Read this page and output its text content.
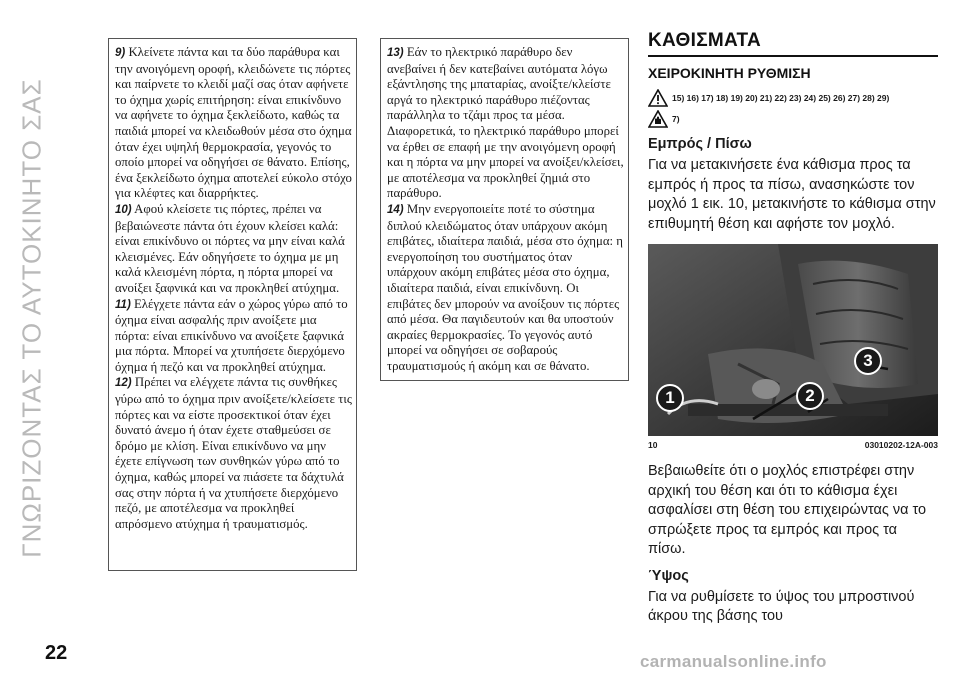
ΓΝΩΡΙΖΟΝΤΑΣ ΤΟ ΑΥΤΟΚΙΝΗΤΟ ΣΑΣ

9) Κλείνετε πάντα και τα δύο παράθυρα και την ανοιγόμενη οροφή, κλειδώνετε τις πόρτες και παίρνετε το κλειδί μαζί σας όταν αφήνετε το όχημα χωρίς επιτήρηση: είναι επικίνδυνο να αφήνετε το όχημα ξεκλείδωτο, καθώς τα παιδιά μπορεί να κλειδωθούν μέσα στο όχημα όταν έχει υψηλή θερμοκρασία, γεγονός το οποίο μπορεί να οδηγήσει σε θάνατο. Επίσης, ένα ξεκλείδωτο όχημα αποτελεί εύκολο στόχο για κλέφτες και διαρρήκτες.

10) Αφού κλείσετε τις πόρτες, πρέπει να βεβαιώνεστε πάντα ότι έχουν κλείσει καλά: είναι επικίνδυνο οι πόρτες να μην είναι καλά κλεισμένες. Εάν οδηγήσετε το όχημα με μη καλά κλεισμένη πόρτα, η πόρτα μπορεί να ανοίξει ξαφνικά και να προκληθεί ατύχημα.

11) Ελέγχετε πάντα εάν ο χώρος γύρω από το όχημα είναι ασφαλής πριν ανοίξετε μια πόρτα: είναι επικίνδυνο να ανοίξετε ξαφνικά μια πόρτα. Μπορεί να χτυπήσετε διερχόμενο όχημα ή πεζό και να προκληθεί ατύχημα.

12) Πρέπει να ελέγχετε πάντα τις συνθήκες γύρω από το όχημα πριν ανοίξετε/κλείσετε τις πόρτες και να είστε προσεκτικοί όταν έχει δυνατό άνεμο ή όταν έχετε σταθμεύσει σε δρόμο με κλίση. Είναι επικίνδυνο να μην έχετε επίγνωση των συνθηκών γύρω από το όχημα, καθώς μπορεί να πιάσετε τα δάχτυλά σας στην πόρτα ή να χτυπήσετε διερχόμενο πεζό, με αποτέλεσμα να προκληθεί απρόσμενο ατύχημα ή τραυματισμός.

13) Εάν το ηλεκτρικό παράθυρο δεν ανεβαίνει ή δεν κατεβαίνει αυτόματα λόγω εξάντλησης της μπαταρίας, ανοίξτε/κλείστε αργά το ηλεκτρικό παράθυρο πιέζοντας παράλληλα το τζάμι προς τα μέσα. Διαφορετικά, το ηλεκτρικό παράθυρο μπορεί να έρθει σε επαφή με την ανοιγόμενη οροφή και η πόρτα να μην μπορεί να ανοίξει/κλείσει, με αποτέλεσμα να προκληθεί ζημιά στο παράθυρο.

14) Μην ενεργοποιείτε ποτέ το σύστημα διπλού κλειδώματος όταν υπάρχουν ακόμη επιβάτες, ιδιαίτερα παιδιά, μέσα στο όχημα: η ενεργοποίηση του συστήματος όταν υπάρχουν ακόμη επιβάτες μέσα στο όχημα, ιδιαίτερα παιδιά, είναι επικίνδυνη. Οι επιβάτες δεν μπορούν να ανοίξουν τις πόρτες από μέσα. Θα παγιδευτούν και θα υποστούν ακραίες θερμοκρασίες. Το γεγονός αυτό μπορεί να οδηγήσει σε σοβαρούς τραυματισμούς ή ακόμη και σε θάνατο.

ΚΑΘΙΣΜΑΤΑ
ΧΕΙΡΟΚΙΝΗΤΗ ΡΥΘΜΙΣΗ
15) 16) 17) 18) 19) 20) 21) 22) 23) 24) 25) 26) 27) 28) 29)
7)
Εμπρός / Πίσω

Για να μετακινήσετε ένα κάθισμα προς τα εμπρός ή προς τα πίσω, ανασηκώστε τον μοχλό 1 εικ. 10, μετακινήστε το κάθισμα στην επιθυμητή θέση και αφήστε τον μοχλό.

1	2
3
10	03010202-12A-003

Βεβαιωθείτε ότι ο μοχλός επιστρέφει στην αρχική του θέση και ότι το κάθισμα έχει ασφαλίσει στη θέση του επιχειρώντας να το σπρώξετε προς τα εμπρός και προς τα πίσω.

Ύψος

Για να ρυθμίσετε το ύψος του μπροστινού άκρου της βάσης του

22	carmanualsonline.info
